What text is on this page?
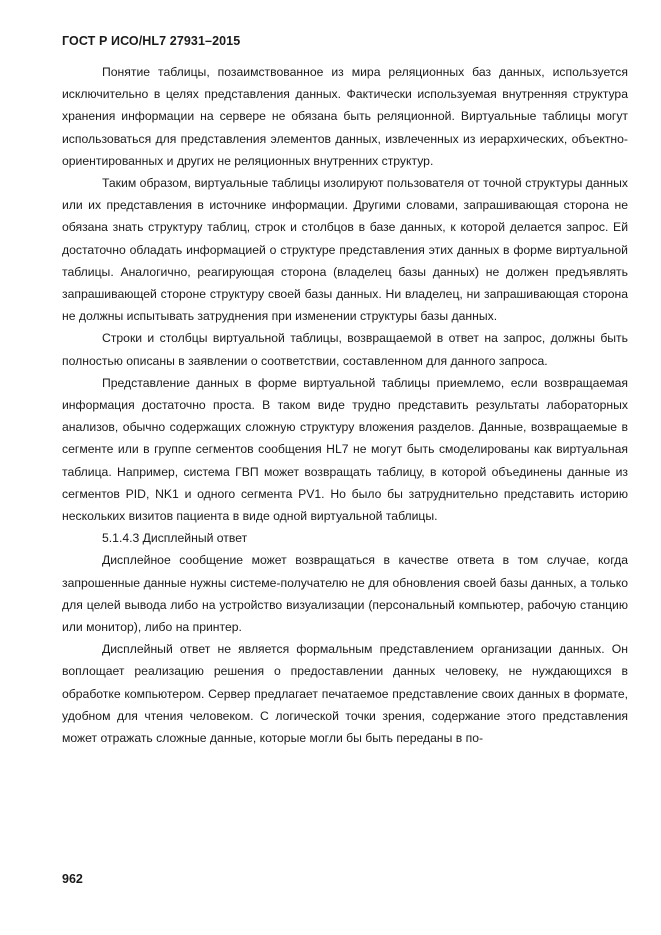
ГОСТ Р ИСО/HL7 27931–2015

Понятие таблицы, позаимствованное из мира реляционных баз данных, используется исключительно в целях представления данных. Фактически используемая внутренняя структура хранения информации на сервере не обязана быть реляционной. Виртуальные таблицы могут использоваться для представления элементов данных, извлеченных из иерархических, объектно-ориентированных и других не реляционных внутренних структур.

Таким образом, виртуальные таблицы изолируют пользователя от точной структуры данных или их представления в источнике информации. Другими словами, запрашивающая сторона не обязана знать структуру таблиц, строк и столбцов в базе данных, к которой делается запрос. Ей достаточно обладать информацией о структуре представления этих данных в форме виртуальной таблицы. Аналогично, реагирующая сторона (владелец базы данных) не должен предъявлять запрашивающей стороне структуру своей базы данных. Ни владелец, ни запрашивающая сторона не должны испытывать затруднения при изменении структуры базы данных.

Строки и столбцы виртуальной таблицы, возвращаемой в ответ на запрос, должны быть полностью описаны в заявлении о соответствии, составленном для данного запроса.

Представление данных в форме виртуальной таблицы приемлемо, если возвращаемая информация достаточно проста. В таком виде трудно представить результаты лабораторных анализов, обычно содержащих сложную структуру вложения разделов. Данные, возвращаемые в сегменте или в группе сегментов сообщения HL7 не могут быть смоделированы как виртуальная таблица. Например, система ГВП может возвращать таблицу, в которой объединены данные из сегментов PID, NK1 и одного сегмента PV1. Но было бы затруднительно представить историю нескольких визитов пациента в виде одной виртуальной таблицы.

5.1.4.3 Дисплейный ответ

Дисплейное сообщение может возвращаться в качестве ответа в том случае, когда запрошенные данные нужны системе-получателю не для обновления своей базы данных, а только для целей вывода либо на устройство визуализации (персональный компьютер, рабочую станцию или монитор), либо на принтер.

Дисплейный ответ не является формальным представлением организации данных. Он воплощает реализацию решения о предоставлении данных человеку, не нуждающихся в обработке компьютером. Сервер предлагает печатаемое представление своих данных в формате, удобном для чтения человеком. С логической точки зрения, содержание этого представления может отражать сложные данные, которые могли бы быть переданы в по-

962
